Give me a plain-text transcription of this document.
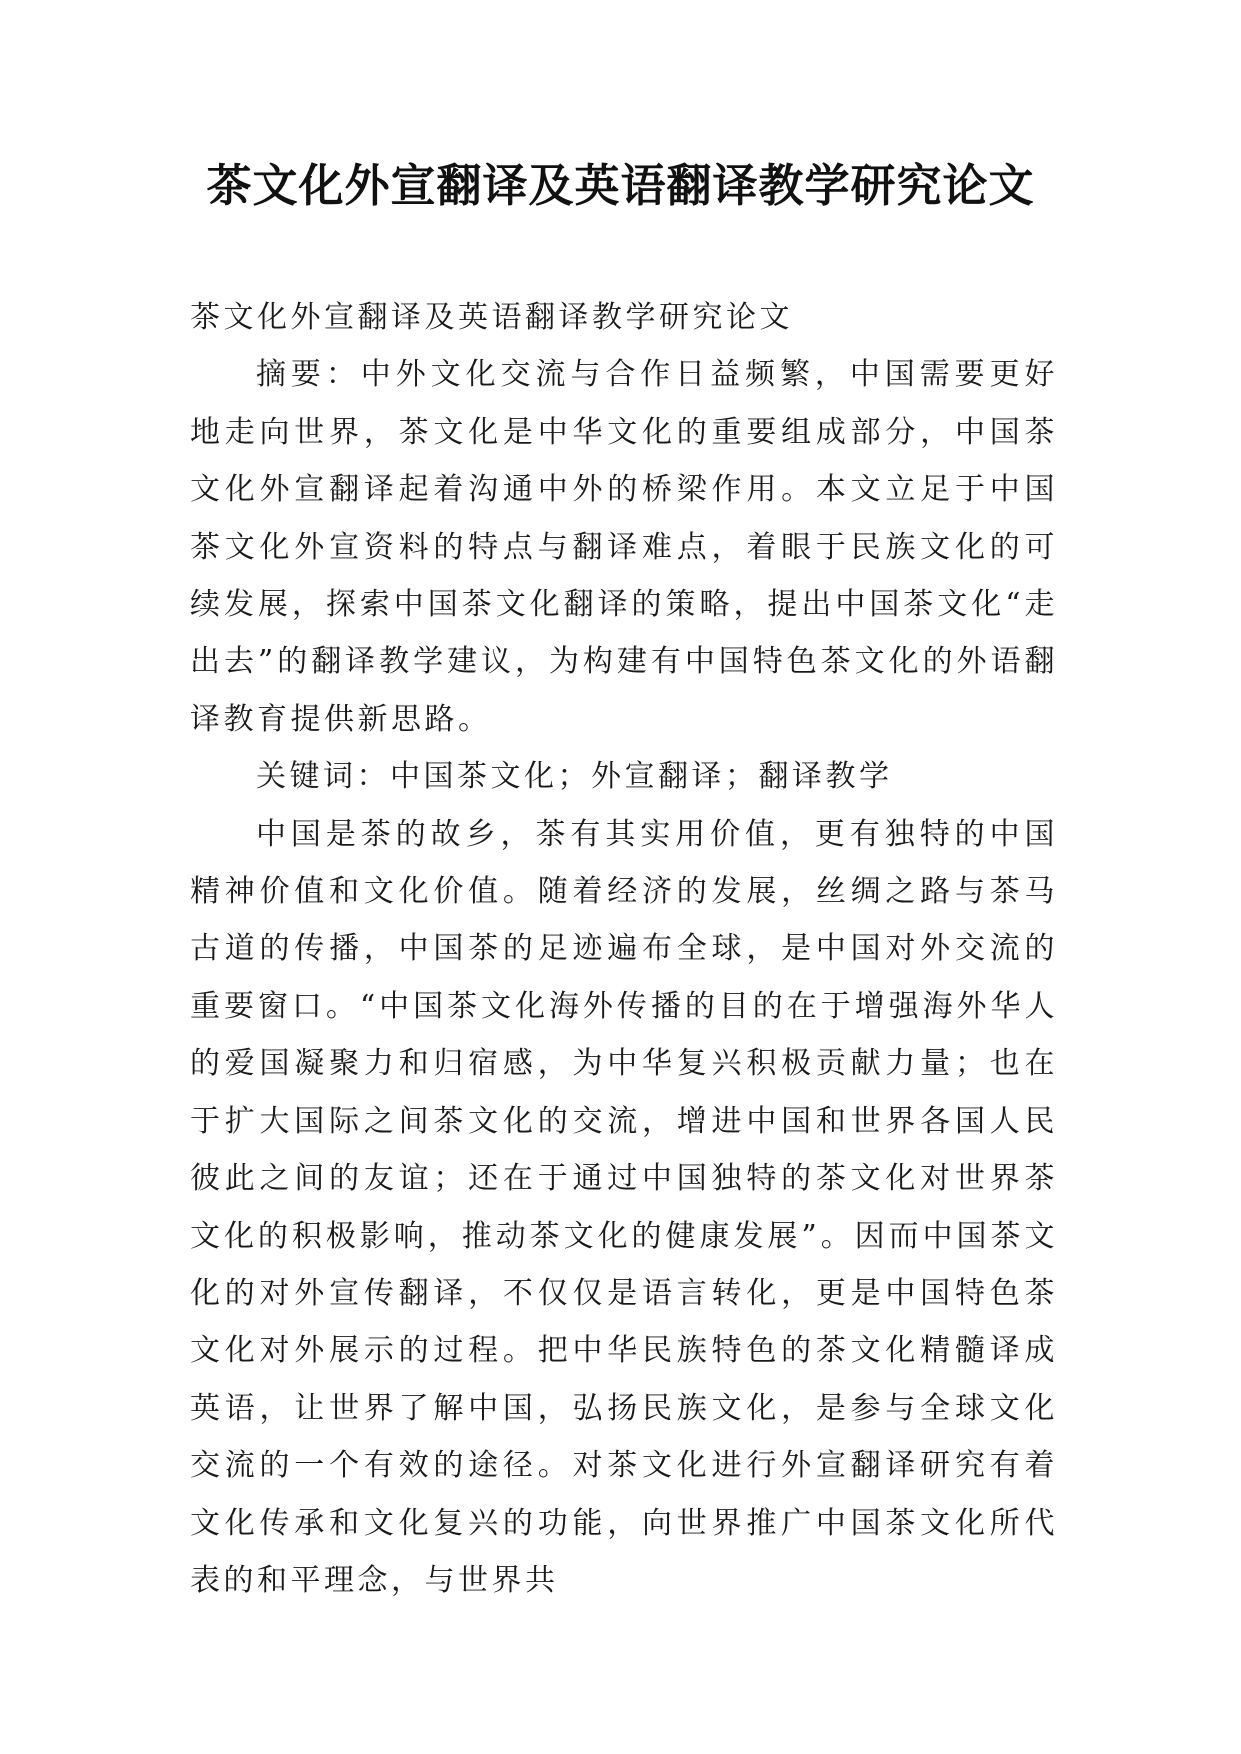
茶文化外宣翻译及英语翻译教学研究论文

茶文化外宣翻译及英语翻译教学研究论文

摘要：中外文化交流与合作日益频繁，中国需要更好地走向世界，茶文化是中华文化的重要组成部分，中国茶文化外宣翻译起着沟通中外的桥梁作用。本文立足于中国茶文化外宣资料的特点与翻译难点，着眼于民族文化的可续发展，探索中国茶文化翻译的策略，提出中国茶文化“走出去”的翻译教学建议，为构建有中国特色茶文化的外语翻译教育提供新思路。

关键词：中国茶文化；外宣翻译；翻译教学

中国是茶的故乡，茶有其实用价值，更有独特的中国精神价值和文化价值。随着经济的发展，丝绸之路与茶马古道的传播，中国茶的足迹遍布全球，是中国对外交流的重要窗口。“中国茶文化海外传播的目的在于增强海外华人的爱国凝聚力和归宿感，为中华复兴积极贡献力量；也在于扩大国际之间茶文化的交流，增进中国和世界各国人民彼此之间的友谊；还在于通过中国独特的茶文化对世界茶文化的积极影响，推动茶文化的健康发展”。因而中国茶文化的对外宣传翻译，不仅仅是语言转化，更是中国特色茶文化对外展示的过程。把中华民族特色的茶文化精髓译成英语，让世界了解中国，弘扬民族文化，是参与全球文化交流的一个有效的途径。对茶文化进行外宣翻译研究有着文化传承和文化复兴的功能，向世界推广中国茶文化所代表的和平理念，与世界共
